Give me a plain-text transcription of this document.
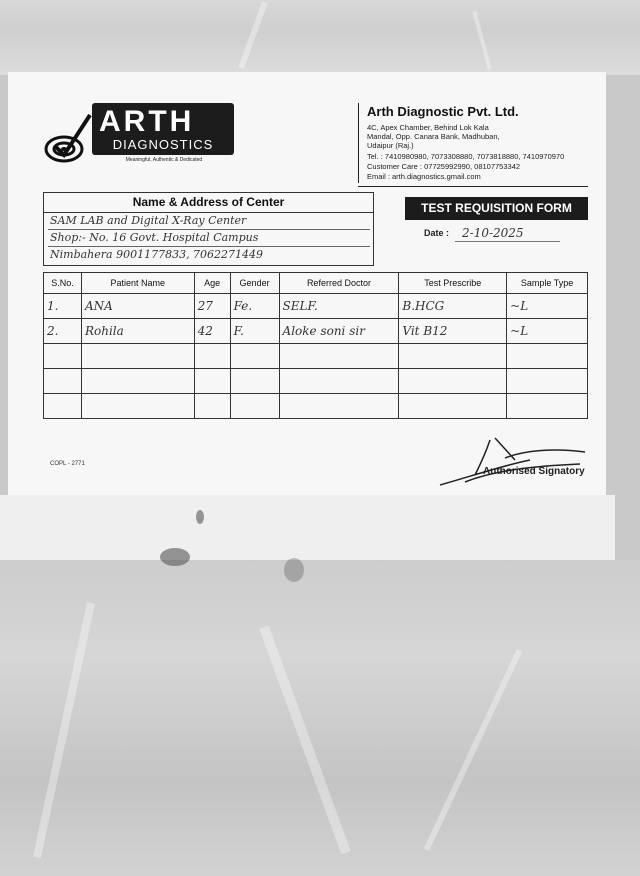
ARTH
DIAGNOSTICS
Meaningful, Authentic & Dedicated
Arth Diagnostic Pvt. Ltd.
4C, Apex Chamber, Behind Lok Kala
Mandal, Opp. Canara Bank, Madhuban,
Udaipur (Raj.)
Tel. : 7410980980, 7073308880, 7073818880, 7410970970
Customer Care : 07725992990, 08107753342
Email : arth.diagnostics.gmail.com
Name & Address of Center
SAM LAB and Digital X-Ray Center
Shop:- No. 16 Govt. Hospital Campus
Nimbahera 9001177833, 7062271449
TEST REQUISITION FORM
Date : 2-10-2025
S.No.	Patient Name	Age	Gender	Referred Doctor	Test Prescribe	Sample Type
1.	ANA	27	Fe.	SELF.	B.HCG	~L
2.	Rohila	42	F.	Aloke soni sir	Vit B12	~L

COPL - 2771
Authorised Signatory
